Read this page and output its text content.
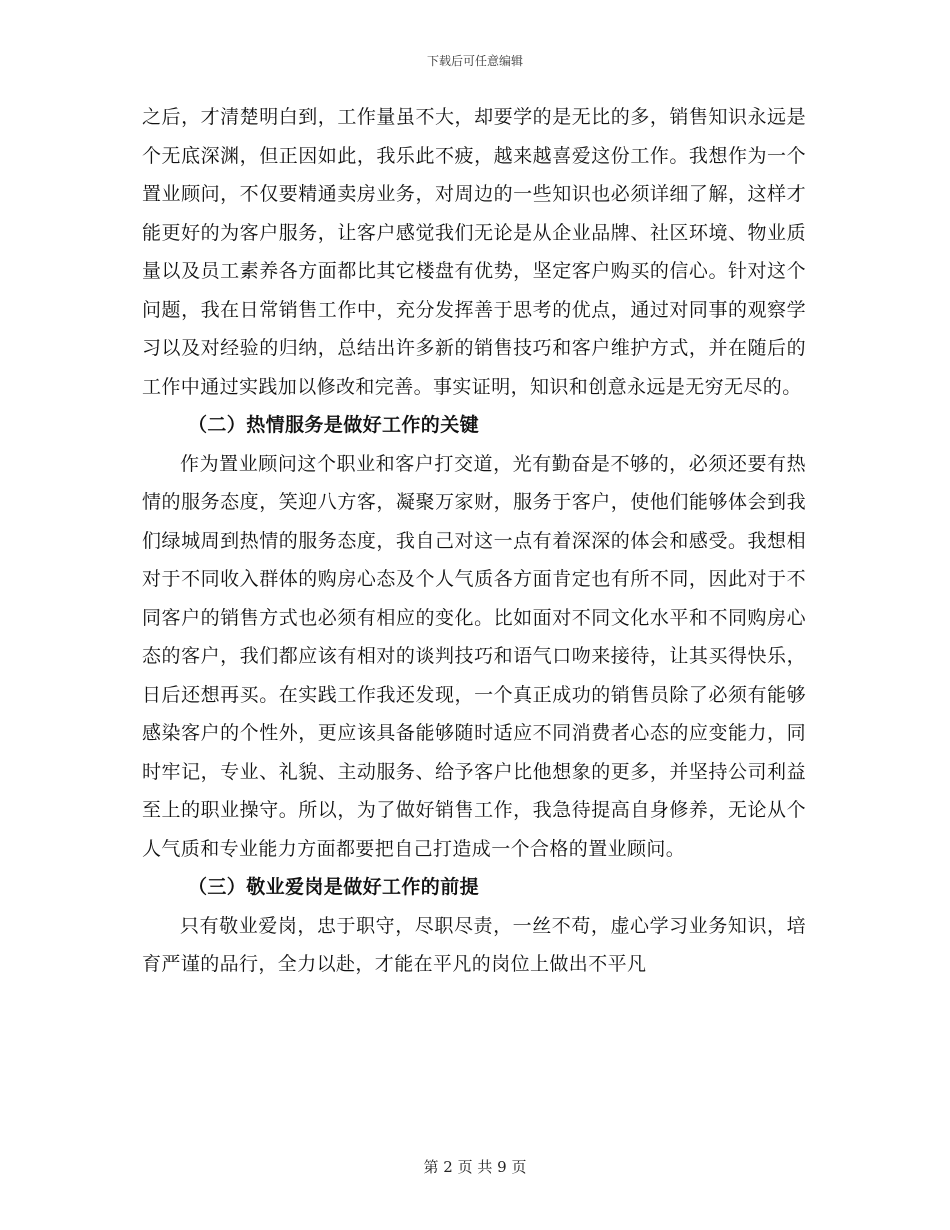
下载后可任意编辑

之后，才清楚明白到，工作量虽不大，却要学的是无比的多，销售知识永远是个无底深渊，但正因如此，我乐此不疲，越来越喜爱这份工作。我想作为一个置业顾问，不仅要精通卖房业务，对周边的一些知识也必须详细了解，这样才能更好的为客户服务，让客户感觉我们无论是从企业品牌、社区环境、物业质量以及员工素养各方面都比其它楼盘有优势，坚定客户购买的信心。针对这个问题，我在日常销售工作中，充分发挥善于思考的优点，通过对同事的观察学习以及对经验的归纳，总结出许多新的销售技巧和客户维护方式，并在随后的工作中通过实践加以修改和完善。事实证明，知识和创意永远是无穷无尽的。

（二）热情服务是做好工作的关键

作为置业顾问这个职业和客户打交道，光有勤奋是不够的，必须还要有热情的服务态度，笑迎八方客，凝聚万家财，服务于客户，使他们能够体会到我们绿城周到热情的服务态度，我自己对这一点有着深深的体会和感受。我想相对于不同收入群体的购房心态及个人气质各方面肯定也有所不同，因此对于不同客户的销售方式也必须有相应的变化。比如面对不同文化水平和不同购房心态的客户，我们都应该有相对的谈判技巧和语气口吻来接待，让其买得快乐，日后还想再买。在实践工作我还发现，一个真正成功的销售员除了必须有能够感染客户的个性外，更应该具备能够随时适应不同消费者心态的应变能力，同时牢记，专业、礼貌、主动服务、给予客户比他想象的更多，并坚持公司利益至上的职业操守。所以，为了做好销售工作，我急待提高自身修养，无论从个人气质和专业能力方面都要把自己打造成一个合格的置业顾问。

（三）敬业爱岗是做好工作的前提

只有敬业爱岗，忠于职守，尽职尽责，一丝不苟，虚心学习业务知识，培育严谨的品行，全力以赴，才能在平凡的岗位上做出不平凡

第 2 页 共 9 页
